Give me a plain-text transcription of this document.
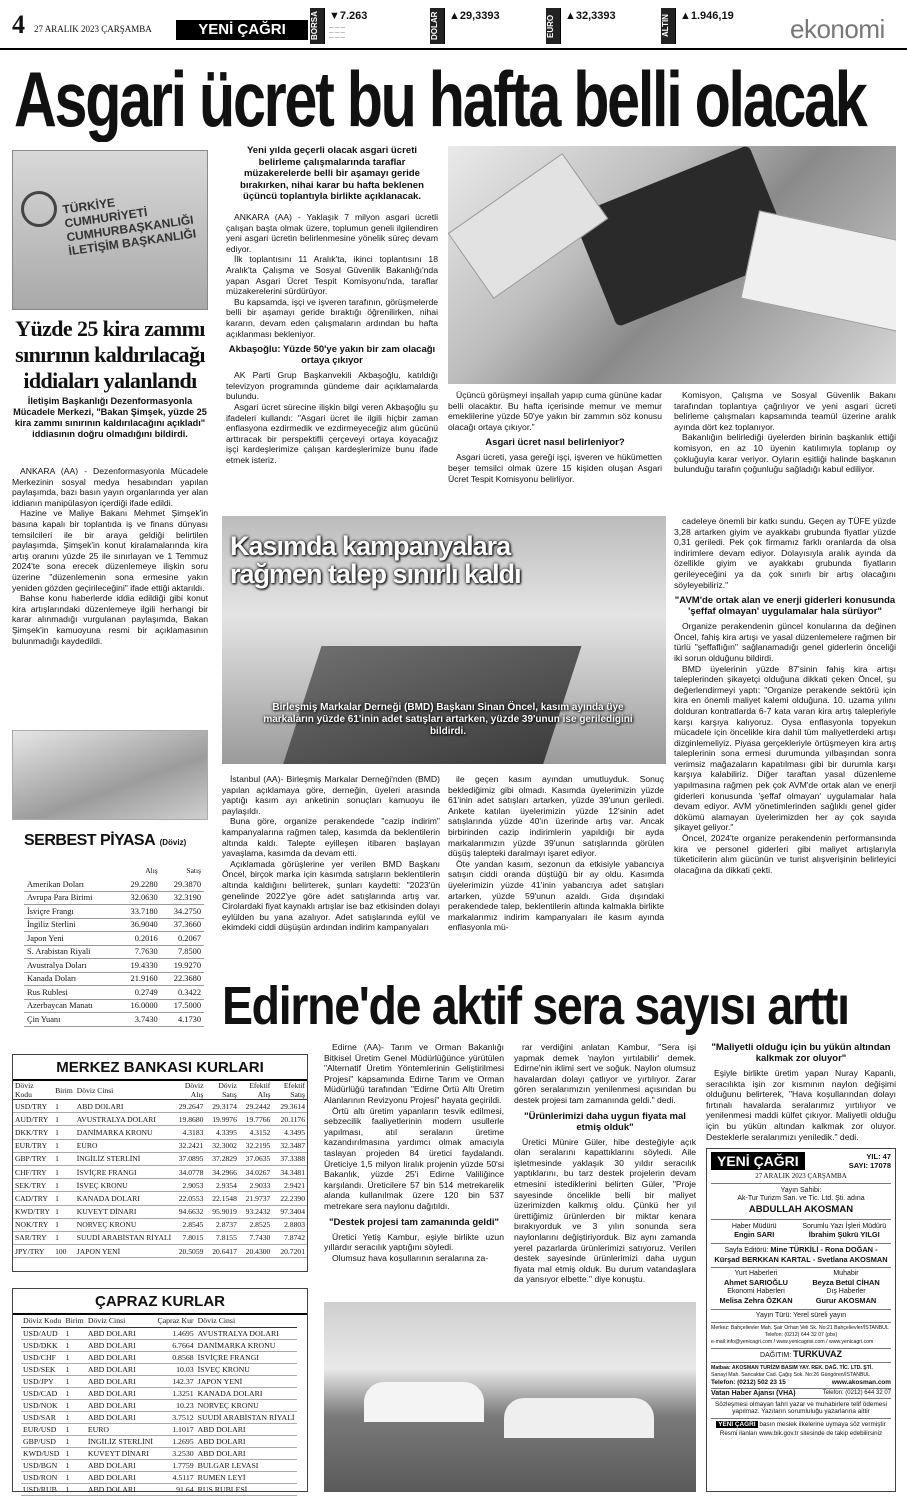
4 27 ARALIK 2023 ÇARŞAMBA	YENİ ÇAĞRI	BORSA ▼7.263
— — —
— — —
— — —	DOLAR ▲29,3393	EURO ▲32,3393	ALTIN ▲1.946,19 ekonomi
Asgari ücret bu hafta belli olacak
TÜRKİYE CUMHURİYETİ CUMHURBAŞKANLIĞI İLETİŞİM BAŞKANLIĞI
Yüzde 25 kira zammı sınırının kaldırılacağı iddiaları yalanlandı
İletişim Başkanlığı Dezenformasyonla Mücadele Merkezi, "Bakan Şimşek, yüzde 25 kira zammı sınırının kaldırılacağını açıkladı" iddiasının doğru olmadığını bildirdi.

ANKARA (AA) - Dezenformasyonla Mücadele Merkezinin sosyal medya hesabından yapılan paylaşımda, bazı basın yayın organlarında yer alan iddianın manipülasyon içerdiği ifade edildi.

Hazine ve Maliye Bakanı Mehmet Şimşek'in basına kapalı bir toplantıda iş ve finans dünyası temsilcileri ile bir araya geldiği belirtilen paylaşımda, Şimşek'in konut kiralamalarında kira artış oranını yüzde 25 ile sınırlayan ve 1 Temmuz 2024'te sona erecek düzenlemeye ilişkin soru üzerine "düzenlemenin sona ermesine yakın yeniden gözden geçirileceğini" ifade ettiği aktarıldı.

Bahse konu haberlerde iddia edildiği gibi konut kira artışlarındaki düzenlemeye ilgili herhangi bir karar alınmadığı vurgulanan paylaşımda, Bakan Şimşek'in kamuoyuna resmi bir açıklamasının bulunmadığı kaydedildi.

SERBEST PİYASA (Döviz)
	Alış	Satış
Amerikan Doları	29.2280	29.3870
Avrupa Para Birimi	32.0630	32.3190
İsviçre Frangı	33.7180	34.2750
İngiliz Sterlini	36.9040	37.3660
Japon Yeni	0.2016	0.2067
S. Arabistan Riyali	7.7630	7.8500
Avustralya Doları	19.4330	19.9270
Kanada Doları	21.9160	22.3680
Rus Rublesi	0.2749	0.3422
Azerbaycan Manatı	16.0000	17.5000
Çin Yuanı	3.7430	4.1730
Yeni yılda geçerli olacak asgari ücreti belirleme çalışmalarında taraflar müzakerelerde belli bir aşamayı geride bırakırken, nihai karar bu hafta beklenen üçüncü toplantıyla birlikte açıklanacak.

ANKARA (AA) - Yaklaşık 7 milyon asgari ücretli çalışan başta olmak üzere, toplumun geneli ilgilendiren yeni asgari ücretin belirlenmesine yönelik süreç devam ediyor.

İlk toplantısını 11 Aralık'ta, ikinci toplantısını 18 Aralık'ta Çalışma ve Sosyal Güvenlik Bakanlığı'nda yapan Asgari Ücret Tespit Komisyonu'nda, taraflar müzakerelerini sürdürüyor.

Bu kapsamda, işçi ve işveren tarafının, görüşmelerde belli bir aşamayı geride bıraktığı öğrenilirken, nihai kararın, devam eden çalışmaların ardından bu hafta açıklanması bekleniyor.

Akbaşoğlu: Yüzde 50'ye yakın bir zam olacağı ortaya çıkıyor

AK Parti Grup Başkanvekili Akbaşoğlu, katıldığı televizyon programında gündeme dair açıklamalarda bulundu.

Asgari ücret sürecine ilişkin bilgi veren Akbaşoğlu şu ifadeleri kullandı: "Asgari ücret ile ilgili hiçbir zaman enflasyona ezdirmedik ve ezdirmeyeceğiz alım gücünü arttıracak bir perspektifli çerçeveyi ortaya koyacağız işçi kardeşlerimize çalışan kardeşlerimize bunu ifade etmek isteriz.

Üçüncü görüşmeyi inşallah yapıp cuma gününe kadar belli olacaktır. Bu hafta içerisinde memur ve memur emeklilerine yüzde 50'ye yakın bir zammın söz konusu olacağı ortaya çıkıyor."

Asgari ücret nasıl belirleniyor?

Asgari ücreti, yasa gereği işçi, işveren ve hükümetten beşer temsilci olmak üzere 15 kişiden oluşan Asgari Ücret Tespit Komisyonu belirliyor.

Komisyon, Çalışma ve Sosyal Güvenlik Bakanı tarafından toplantıya çağrılıyor ve yeni asgari ücreti belirleme çalışmaları kapsamında teamül üzerine aralık ayında dört kez toplanıyor.

Bakanlığın belirlediği üyelerden birinin başkanlık ettiği komisyon, en az 10 üyenin katılımıyla toplanıp oy çokluğuyla karar veriyor. Oyların eşitliği halinde başkanın bulunduğu tarafın çoğunluğu sağladığı kabul ediliyor.

Kasımda kampanyalara rağmen talep sınırlı kaldı
Birleşmiş Markalar Derneği (BMD) Başkanı Sinan Öncel, kasım ayında üye markaların yüzde 61'inin adet satışları artarken, yüzde 39'unun ise geriledigini bildirdi.

İstanbul (AA)- Birleşmiş Markalar Derneği'nden (BMD) yapılan açıklamaya göre, derneğin, üyeleri arasında yaptığı kasım ayı anketinin sonuçları kamuoyu ile paylaşıldı.

Buna göre, organize perakendede "cazip indirim" kampanyalarına rağmen talep, kasımda da beklentilerin altında kaldı. Talepte eyilleşen itibaren başlayan yavaşlama, kasımda da devam etti.

Açıklamada görüşlerine yer verilen BMD Başkanı Öncel, birçok marka için kasımda satışların beklentilerin altında kaldığını belirterek, şunları kaydetti: "2023'ün genelinde 2022'ye göre adet satışlarında artış var. Cirolardaki fiyat kaynaklı artışlar ise baz etkisinden dolayı eylülden bu yana azalıyor. Adet satışlarında eylül ve ekimdeki ciddi düşüşün ardından indirim kampanyaları

ile geçen kasım ayından umutluyduk. Sonuç beklediğimiz gibi olmadı. Kasımda üyelerimizin yüzde 61'inin adet satışları artarken, yüzde 39'unun geriledi. Ankete katılan üyelerimizin yüzde 12'sinin adet satışlarında yüzde 40'ın üzerinde artış var. Ancak birbirinden cazip indirimlerin yapıldığı bir ayda markalarımızın yüzde 39'unun satışlarında görülen düşüş talepteki daralmayı işaret ediyor.

Öte yandan kasım, sezonun da etkisiyle yabancıya satışın ciddi oranda düştüğü bir ay oldu. Kasımda üyelerimizin yüzde 41'inin yabancıya adet satışları artarken, yüzde 59'unun azaldı. Gıda dışındaki perakendede talep, beklentilerin altında kalmakla birlikte markalarımız indirim kampanyaları ile kasım ayında enflasyonla mü-

cadeleye önemli bir katkı sundu. Geçen ay TÜFE yüzde 3,28 artarken giyim ve ayakkabı grubunda fiyatlar yüzde 0,31 geriledi. Pek çok firmamız farklı oranlarda da olsa indirimlere devam ediyor. Dolayısıyla aralık ayında da özellikle giyim ve ayakkabı grubunda fiyatların gerileyeceğini ya da çok sınırlı bir artış olacağını söyleyebiliriz."

"AVM'de ortak alan ve enerji giderleri konusunda 'şeffaf olmayan' uygulamalar hala sürüyor"

Organize perakendenin güncel konularına da değinen Öncel, fahiş kira artışı ve yasal düzenlemelere rağmen bir türlü "şeffaflığın" sağlanamadığı genel giderlerin önceliği iki sorun olduğunu bildirdi.

BMD üyelerinin yüzde 87'sinin fahiş kira artışı taleplerinden şikayetçi olduğuna dikkati çeken Öncel, şu değerlendirmeyi yaptı: "Organize perakende sektörü için kira en önemli maliyet kalemi olduğuna. 10. uzama yılını dolduran kontratlarda 6-7 kata varan kira artış talepleriyle karşı karşıya kalıyoruz. Oysa enflasyonla topyekun mücadele için öncelikle kira dahil tüm maliyetlerdeki artışı dizginlemeliyiz. Piyasa gerçekleriyle örtüşmeyen kira artış taleplerinin sona ermesi durumunda yılbaşından sonra verimsiz mağazaların kapatılması gibi bir durumla karşı karşıya kalabiliriz. Diğer taraftan yasal düzenleme yapılmasına rağmen pek çok AVM'de ortak alan ve enerji giderleri konusunda 'şeffaf olmayan' uygulamalar hala devam ediyor. AVM yönetimlerinden sağlıklı genel gider dökümü alamayan üyelerimizden her ay çok sayıda şikayet geliyor."

Öncel, 2024'te organize perakendenin performansında kira ve personel giderleri gibi maliyet artışlarıyla tüketicilerin alım gücünün ve turist alışverişinin belirleyici olacağına da dikkati çekti.

Edirne'de aktif sera sayısı arttı
MERKEZ BANKASI KURLARI
Döviz Kodu	Birim	Döviz Cinsi	Döviz Alış	Döviz Satış	Efektif Alış	Efektif Satış
USD/TRY	1	ABD DOLARI	29.2647	29.3174	29.2442	29.3614
AUD/TRY	1	AVUSTRALYA DOLARI	19.8680	19.9976	19.7766	20.1176
DKK/TRY	1	DANİMARKA KRONU	4.3183	4.3395	4.3152	4.3495
EUR/TRY	1	EURO	32.2421	32.3002	32.2195	32.3487
GBP/TRY	1	İNGİLİZ STERLİNİ	37.0895	37.2829	37.0635	37.3388
CHF/TRY	1	İSVİÇRE FRANGI	34.0778	34.2966	34.0267	34.3481
SEK/TRY	1	İSVEÇ KRONU	2.9053	2.9354	2.9033	2.9421
CAD/TRY	1	KANADA DOLARI	22.0553	22.1548	21.9737	22.2390
KWD/TRY	1	KUVEYT DİNARI	94.6632	95.9019	93.2432	97.3404
NOK/TRY	1	NORVEÇ KRONU	2.8545	2.8737	2.8525	2.8803
SAR/TRY	1	SUUDİ ARABİSTAN RİYALİ	7.8015	7.8155	7.7430	7.8742
JPY/TRY	100	JAPON YENİ	20.5059	20.6417	20.4300	20.7201
ÇAPRAZ KURLAR
Döviz Kodu	Birim	Döviz Cinsi	Çapraz Kur	Döviz Cinsi
USD/AUD	1	ABD DOLARI	1.4695	AVUSTRALYA DOLARI
USD/DKK	1	ABD DOLARI	6.7664	DANİMARKA KRONU
USD/CHF	1	ABD DOLARI	0.8568	İSVİÇRE FRANGI
USD/SEK	1	ABD DOLARI	10.03	İSVEÇ KRONU
USD/JPY	1	ABD DOLARI	142.37	JAPON YENİ
USD/CAD	1	ABD DOLARI	1.3251	KANADA DOLARI
USD/NOK	1	ABD DOLARI	10.23	NORVEÇ KRONU
USD/SAR	1	ABD DOLARI	3.7512	SUUDİ ARABİSTAN RİYALİ
EUR/USD	1	EURO	1.1017	ABD DOLARI
GBP/USD	1	İNGİLİZ STERLİNİ	1.2695	ABD DOLARI
KWD/USD	1	KUVEYT DİNARI	3.2530	ABD DOLARI
USD/BGN	1	ABD DOLARI	1.7759	BULGAR LEVASI
USD/RON	1	ABD DOLARI	4.5117	RUMEN LEYİ
USD/RUB	1	ABD DOLARI	91.64	RUS RUBLESİ

Edirne (AA)- Tarım ve Orman Bakanlığı Bitkisel Üretim Genel Müdürlüğünce yürütülen "Alternatif Üretim Yöntemlerinin Geliştirilmesi Projesi" kapsamında Edirne Tarım ve Orman Müdürlüğü tarafından "Edirne Örtü Altı Üretim Alanlarının Revizyonu Projesi" hayata geçirildi.

Örtü altı üretim yapanların tesvik edilmesi, sebzecilik faaliyetlerinin modern usullerle yapılması, atıl seraların üretime kazandırılmasına yardımcı olmak amacıyla taslayan projeden 84 üretici faydalandı. Üreticiye 1,5 milyon liralık projenin yüzde 50'si Bakanlık, yüzde 25'i Edirne Valiliğince karşılandı. Üreticilere 57 bin 514 metrekarelik alanda kullanılmak üzere 120 bin 537 metrekare sera naylonu dağıtıldı.

"Destek projesi tam zamanında geldi"

Üretici Yetiş Kambur, eşiyle birlikte uzun yıllardır seracılık yaptığını söyledi.

Olumsuz hava koşullarının seralarına za-

rar verdiğini anlatan Kambur, "Sera işi yapmak demek 'naylon yırtılabilir' demek. Edirne'nin iklimi sert ve soğuk. Naylon olumsuz havalardan dolayı çatlıyor ve yırtılıyor. Zarar gören seralarımızın yenilenmesi açısından bu destek projesi tam zamanında geldi." dedi.

"Ürünlerimizi daha uygun fiyata mal etmiş olduk"

Üretici Münire Güler, hibe desteğiyle açık olan seralarını kapattıklarını söyledi. Aile işletmesinde yaklaşık 30 yıldır seracılık yaptıklarını, bu tarz destek projelerin devam etmesini istediklerini belirten Güler, "Proje sayesinde öncelikle belli bir maliyet üzerimizden kalkmış oldu. Çünkü her yıl ürettiğimiz ürünlerden bir miktar kenara bırakıyorduk ve 3 yılın sonunda sera naylonlarını değiştiriyorduk. Biz aynı zamanda yerel pazarlarda ürünlerimizi satıyoruz. Verilen destek sayesinde ürünlerimizi daha uygun fiyata mal etmiş olduk. Bu durum vatandaşlara da yansıyor elbette." diye konuştu.

"Maliyetli olduğu için bu yükün altından kalkmak zor oluyor"

Eşiyle birlikte üretim yapan Nuray Kapanlı, seracılıkta işin zor kısmının naylon değişimi olduğunu belirterek, "Hava koşullarından dolayı fırtınalı havalarda seralarımız yırtılıyor ve yenilenmesi maddi külfet çıkıyor. Maliyetli olduğu için bu yükün altından kalkmak zor oluyor. Desteklerle seralarımızı yeniledik." dedi.

YENİ ÇAĞRI	YIL: 47
SAYI: 17078
27 ARALIK 2023 ÇARŞAMBA
Yayın Sahibi:
Ak-Tur Turizm San. ve Tic. Ltd. Şti. adına
ABDULLAH AKOSMAN
Haber Müdürü
Engin SARI
Sorumlu Yazı İşleri Müdürü
İbrahim Şükrü YILGI
Sayfa Editörü: Mine TÜRKİLİ - Rona DOĞAN - Kürşad BERKKAN KARTAL - Svetlana AKOSMAN
Yurt Haberleri
Ahmet SARIOĞLU
Muhabir
Beyza Betül CİHAN
Ekonomi Haberleri
Melisa Zehra ÖZKAN
Dış Haberler
Gurur AKOSMAN
Yayın Türü: Yerel süreli yayın
Merkez: Bahçelievler Mah. Şair Orhan Veli Sk. No:21 Bahçelievler/İSTANBUL
Telefon: (0212) 644 32 07 (pbx)
e-mail:info@yenicagri.com / www.yenicagrisi.com / www.yenicagri.com
DAĞITIM: TURKUVAZ
Matbaa: AKOSMAN TURİZM BASIM YAY. REK. DAĞ. TİC. LTD. ŞTİ.
Sanayi Mah. Sancaktar Cad. Çağış Sok. No:26 Güngören/İSTANBUL
Telefon: (0212) 502 23 15	www.akosman.com
Vatan Haber Ajansı (VHA)	Telefon: (0212) 644 32 07
Sözleşmesi olmayan fahri yazar ve muhabirlere telif ödemesi yapılmaz. Yazıların sorumluluğu yazarlarına aittir
YENİ ÇAĞRI basın meslek ilkelerine uymaya söz vermiştir
Resmi ilanları www.bik.gov.tr sitesinde de takip edebilirsiniz
